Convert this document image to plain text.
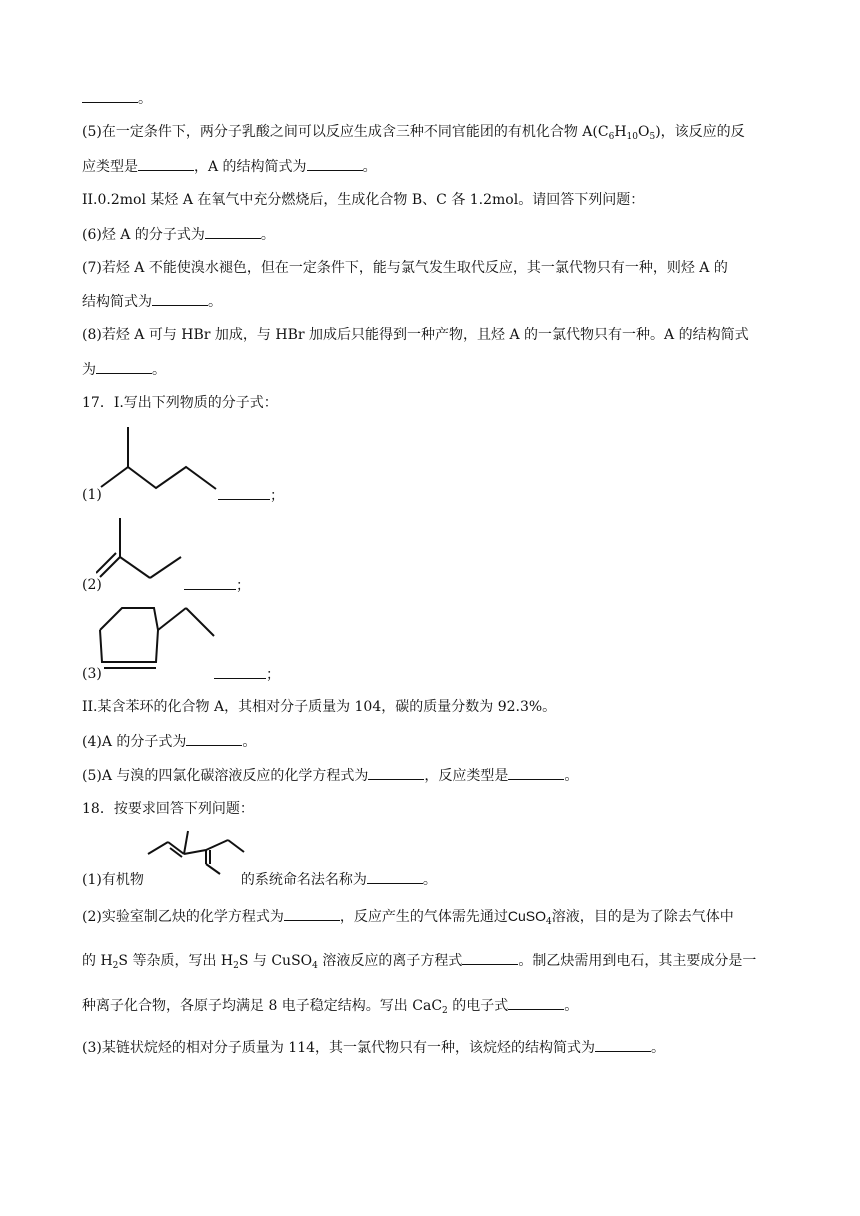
。
(5)在一定条件下，两分子乳酸之间可以反应生成含三种不同官能团的有机化合物 $A(C_6H_{10}O_5)$，该反应的反
应类型是	，A 的结构简式为	。
II.0.2mol 某烃 A 在氧气中充分燃烧后，生成化合物 B、C 各 1.2mol。请回答下列问题：
(6)烃 A 的分子式为	。
(7)若烃 A 不能使溴水褪色，但在一定条件下，能与氯气发生取代反应，其一氯代物只有一种，则烃 A 的
结构简式为	。
(8)若烃 A 可与 HBr 加成，与 HBr 加成后只能得到一种产物，且烃 A 的一氯代物只有一种。A 的结构简式
为	。
17．I.写出下列物质的分子式：
(1)	；
(2)	；
(3)	；
II.某含苯环的化合物 A，其相对分子质量为 104，碳的质量分数为 92.3%。
(4)A 的分子式为	。
(5)A 与溴的四氯化碳溶液反应的化学方程式为	，反应类型是	。
18．按要求回答下列问题：
(1)有机物	的系统命名法名称为	。
(2)实验室制乙炔的化学方程式为	，反应产生的气体需先通过CuSO$_4$溶液，目的是为了除去气体中
的 $H_2S$ 等杂质，写出 $H_2S$ 与 CuSO$_4$ 溶液反应的离子方程式	。制乙炔需用到电石，其主要成分是一
种离子化合物，各原子均满足 8 电子稳定结构。写出 CaC$_2$ 的电子式	。
(3)某链状烷烃的相对分子质量为 114，其一氯代物只有一种，该烷烃的结构简式为	。
